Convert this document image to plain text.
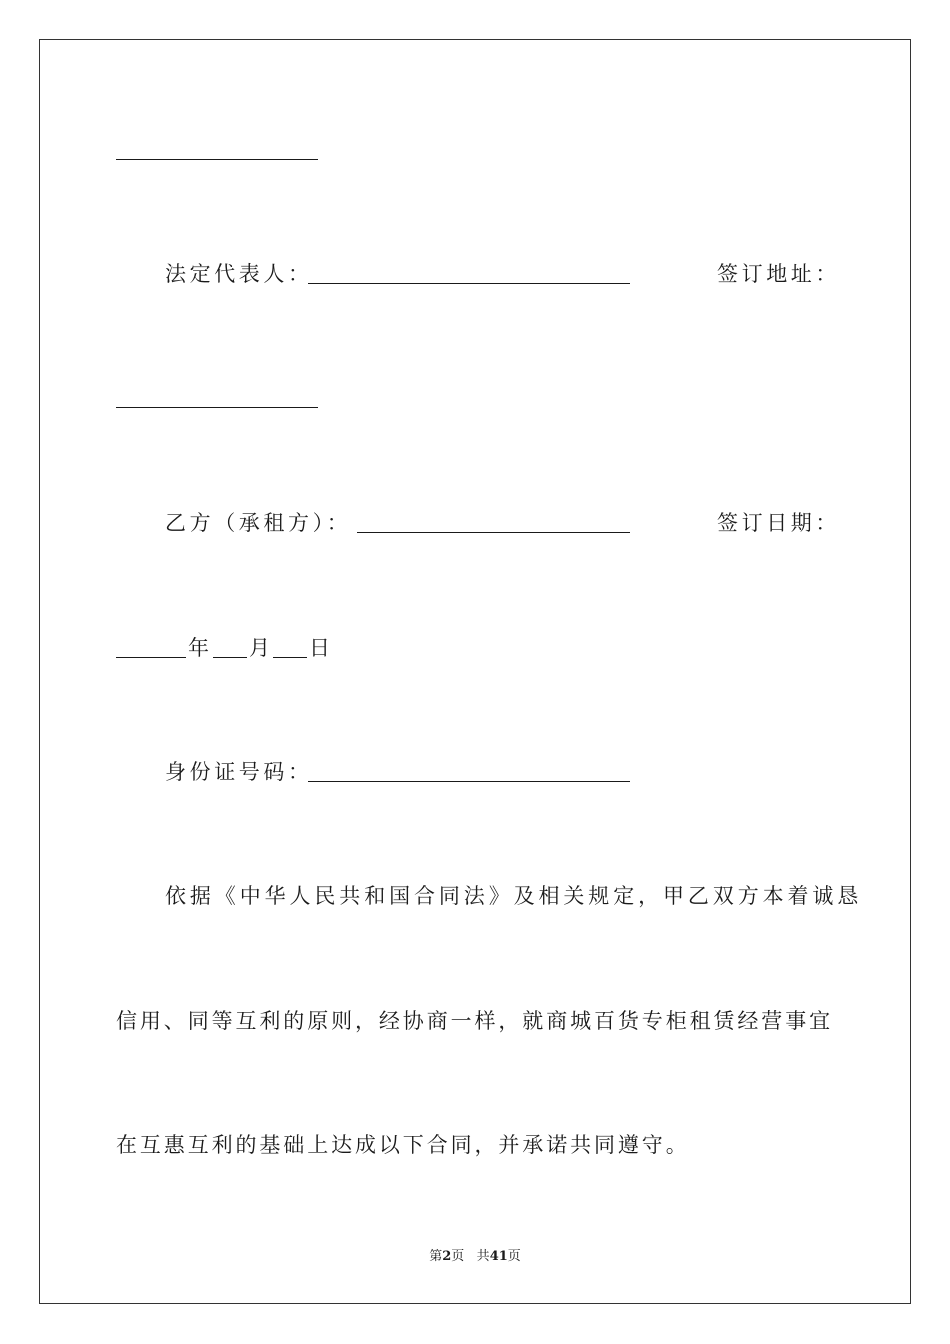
法定代表人：	签订地址：
乙方（承租方）：	签订日期：
年 月 日
身份证号码：
依据《中华人民共和国合同法》及相关规定，甲乙双方本着诚恳
信用、同等互利的原则，经协商一样，就商城百货专柜租赁经营事宜
在互惠互利的基础上达成以下合同，并承诺共同遵守。
第2页 共41页
